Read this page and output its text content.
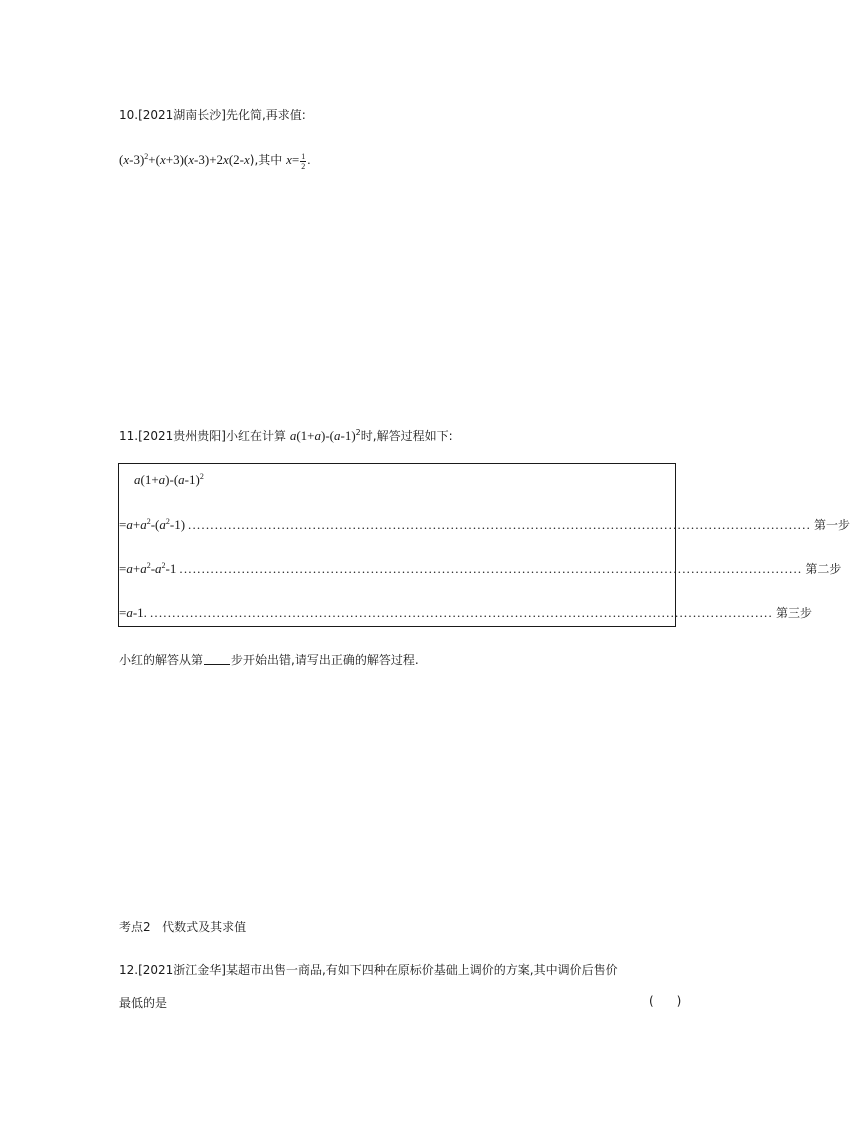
10.[2021湖南长沙]先化简,再求值:
$(x-3)^2+(x+3)(x-3)+2x(2-x)$,其中 $x= \frac{1}{2}$ .
11.[2021贵州贵阳]小红在计算 $a(1+a)-(a-1)^2$时,解答过程如下:
$a(1+a)-(a-1)^2$
$=a+a^2-(a^2-1)$ ............................................................................................................................................ 第一步
$=a+a^2-a^2-1$ ............................................................................................................................................ 第二步
=a-1. ............................................................................................................................................ 第三步
小红的解答从第 步开始出错,请写出正确的解答过程.
考点2   代数式及其求值
12.[2021浙江金华]某超市出售一商品,有如下四种在原标价基础上调价的方案,其中调价后售价
最低的是	(      )
